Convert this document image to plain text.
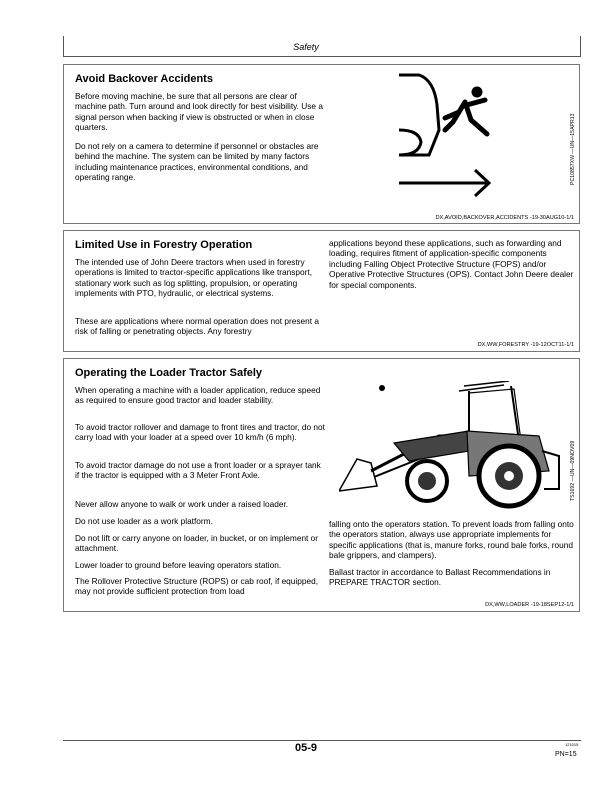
Safety
Avoid Backover Accidents

Before moving machine, be sure that all persons are clear of machine path. Turn around and look directly for best visibility. Use a signal person when backing if view is obstructed or when in close quarters.

Do not rely on a camera to determine if personnel or obstacles are behind the machine. The system can be limited by many factors including maintenance practices, environmental conditions, and operating range.	PC10857XW —UN—15APR13
DX,AVOID,BACKOVER,ACCIDENTS -19-30AUG10-1/1
Limited Use in Forestry Operation

The intended use of John Deere tractors when used in forestry operations is limited to tractor-specific applications like transport, stationary work such as log splitting, propulsion, or operating implements with PTO, hydraulic, or electrical systems.

These are applications where normal operation does not present a risk of falling or penetrating objects. Any forestry

applications beyond these applications, such as forwarding and loading, requires fitment of application-specific components including Falling Object Protective Structure (FOPS) and/or Operative Protective Structures (OPS). Contact John Deere dealer for special components.

DX,WW,FORESTRY -19-12OCT11-1/1
Operating the Loader Tractor Safely

When operating a machine with a loader application, reduce speed as required to ensure good tractor and loader stability.

To avoid tractor rollover and damage to front tires and tractor, do not carry load with your loader at a speed over 10 km/h (6 mph).

To avoid tractor damage do not use a front loader or a sprayer tank if the tractor is equipped with a 3 Meter Front Axle.

Never allow anyone to walk or work under a raised loader.

Do not use loader as a work platform.

Do not lift or carry anyone on loader, in bucket, or on implement or attachment.

Lower loader to ground before leaving operators station.

The Rollover Protective Structure (ROPS) or cab roof, if equipped, may not provide sufficient protection from load

falling onto the operators station. To prevent loads from falling onto the operators station, always use appropriate implements for specific applications (that is, manure forks, round bale forks, round bale grippers, and clampers).

Ballast tractor in accordance to Ballast Recommendations in PREPARE TRACTOR section.

TS1692 —UN—09NOV09
DX,WW,LOADER -19-18SEP12-1/1
05-9	121015
PN=15
